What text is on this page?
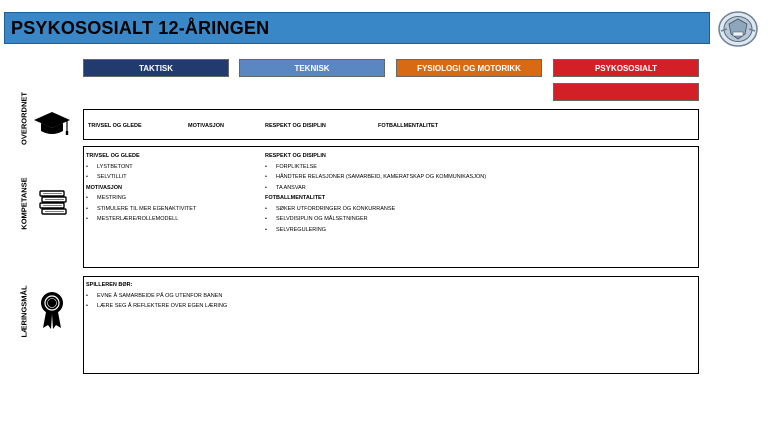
PSYKOSOSIALT 12-ÅRINGEN
TAKTISK	TEKNISK	FYSIOLOGI OG MOTORIKK	PSYKOSOSIALT
OVERORDNET	TRIVSEL OG GLEDE	MOTIVASJON	RESPEKT OG DISIPLIN	FOTBALLMENTALITET
KOMPETANSE
TRIVSEL OG GLEDE
• LYSTBETONT
• SELVTILLIT
MOTIVASJON
• MESTRING
• STIMULERE TIL MER EGENAKTIVITET
• MESTERLÆRE/ROLLEMODELL
RESPEKT OG DISIPLIN
• FORPLIKTELSE
• HÅNDTERE RELASJONER (SAMARBEID, KAMERATSKAP OG KOMMUNIKASJON)
• TA ANSVAR
FOTBALLMENTALITET
• SØKER UTFORDRINGER OG KONKURRANSE
• SELVDISIPLIN OG MÅLSETNINGER
• SELVREGULERING
LÆRINGSMÅL
SPILLEREN BØR:
• EVNE Å SAMARBEIDE PÅ OG UTENFOR BANEN
• LÆRE SEG Å REFLEKTERE OVER EGEN LÆRING
